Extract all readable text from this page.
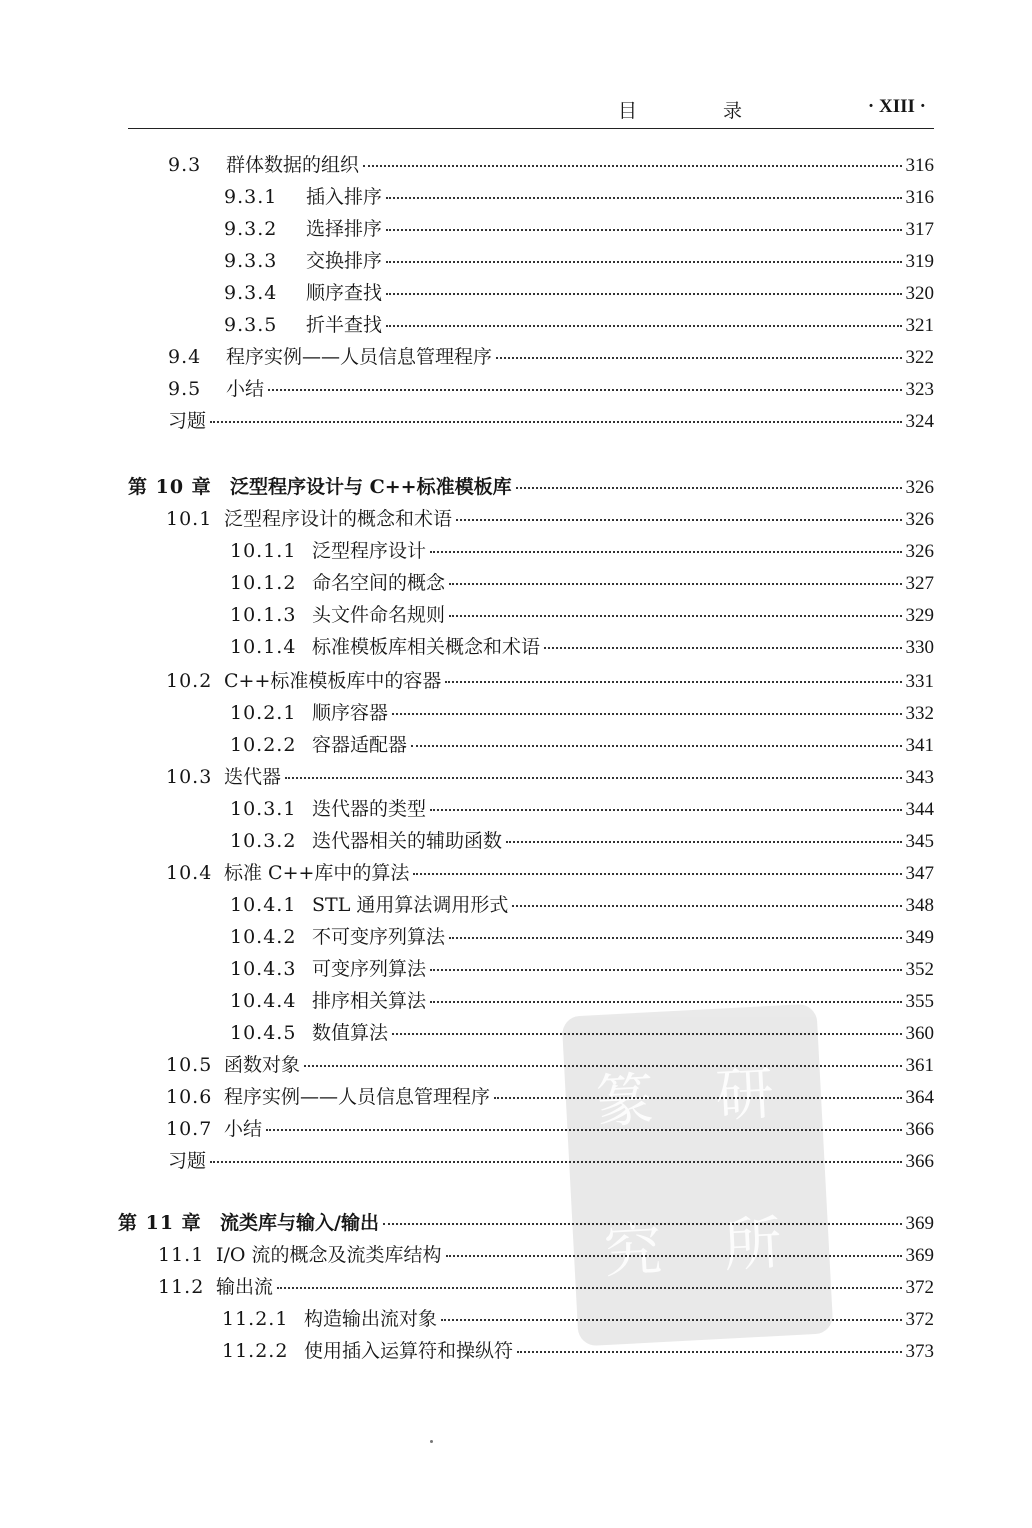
目 录	· XIII ·
篆 研
究 所
9.3	群体数据的组织	316
9.3.1	插入排序	316
9.3.2	选择排序	317
9.3.3	交换排序	319
9.3.4	顺序查找	320
9.3.5	折半查找	321
9.4	程序实例——人员信息管理程序	322
9.5	小结	323
习题	324
第 10 章 泛型程序设计与 C++标准模板库	326
10.1 泛型程序设计的概念和术语	326
10.1.1 泛型程序设计	326
10.1.2 命名空间的概念	327
10.1.3 头文件命名规则	329
10.1.4 标准模板库相关概念和术语	330
10.2 C++标准模板库中的容器	331
10.2.1 顺序容器	332
10.2.2 容器适配器	341
10.3 迭代器	343
10.3.1 迭代器的类型	344
10.3.2 迭代器相关的辅助函数	345
10.4 标准 C++库中的算法	347
10.4.1 STL 通用算法调用形式	348
10.4.2 不可变序列算法	349
10.4.3 可变序列算法	352
10.4.4 排序相关算法	355
10.4.5 数值算法	360
10.5 函数对象	361
10.6 程序实例——人员信息管理程序	364
10.7 小结	366
习题	366
第 11 章 流类库与输入/输出	369
11.1 I/O 流的概念及流类库结构	369
11.2 输出流	372
11.2.1 构造输出流对象	372
11.2.2 使用插入运算符和操纵符	373
